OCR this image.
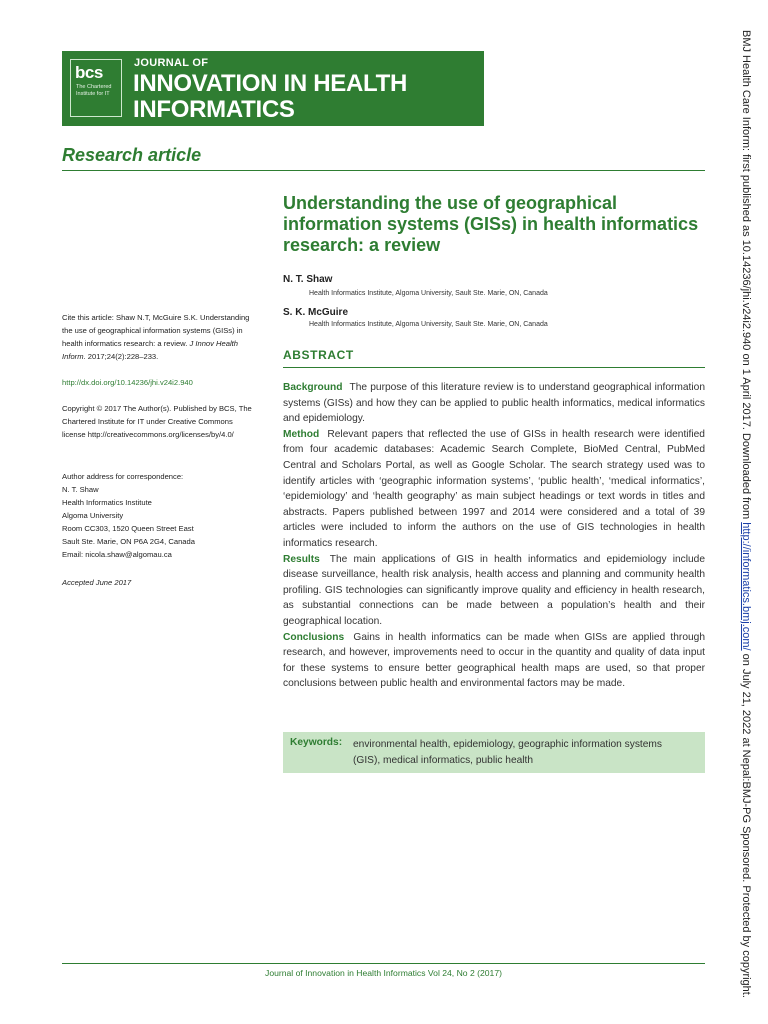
bcs
The Chartered Institute for IT
JOURNAL OF
INNOVATION IN HEALTH INFORMATICS
Research article
Understanding the use of geographical information systems (GISs) in health informatics research: a review
N. T. Shaw
Health Informatics Institute, Algoma University, Sault Ste. Marie, ON, Canada
S. K. McGuire
Health Informatics Institute, Algoma University, Sault Ste. Marie, ON, Canada
Cite this article: Shaw N.T, McGuire S.K. Understanding the use of geographical information systems (GISs) in health informatics research: a review. J Innov Health Inform. 2017;24(2):228–233.
http://dx.doi.org/10.14236/jhi.v24i2.940
Copyright © 2017 The Author(s). Published by BCS, The Chartered Institute for IT under Creative Commons license http://creativecommons.org/licenses/by/4.0/
Author address for correspondence:
N. T. Shaw
Health Informatics Institute
Algoma University
Room CC303, 1520 Queen Street East
Sault Ste. Marie, ON P6A 2G4, Canada
Email: nicola.shaw@algomau.ca
Accepted June 2017
ABSTRACT

Background The purpose of this literature review is to understand geographical information systems (GISs) and how they can be applied to public health informatics, medical informatics and epidemiology.

Method Relevant papers that reflected the use of GISs in health research were identified from four academic databases: Academic Search Complete, BioMed Central, PubMed Central and Scholars Portal, as well as Google Scholar. The search strategy used was to identify articles with ‘geographic information systems’, ‘public health’, ‘medical informatics’, ‘epidemiology’ and ‘health geography’ as main subject headings or text words in titles and abstracts. Papers published between 1997 and 2014 were considered and a total of 39 articles were included to inform the authors on the use of GIS technologies in health informatics research.

Results The main applications of GIS in health informatics and epidemiology include disease surveillance, health risk analysis, health access and planning and community health profiling. GIS technologies can significantly improve quality and efficiency in health research, as substantial connections can be made between a population’s health and their geographical location.

Conclusions Gains in health informatics can be made when GISs are applied through research, and however, improvements need to occur in the quantity and quality of data input for these systems to ensure better geographical health maps are used, so that proper conclusions between public health and environmental factors may be made.

Keywords: environmental health, epidemiology, geographic information systems (GIS), medical informatics, public health
Journal of Innovation in Health Informatics Vol 24, No 2 (2017)
BMJ Health Care Inform: first published as 10.14236/jhi.v24i2.940 on 1 April 2017. Downloaded from http://informatics.bmj.com/ on July 21, 2022 at Nepal:BMJ-PG Sponsored. Protected by copyright.
